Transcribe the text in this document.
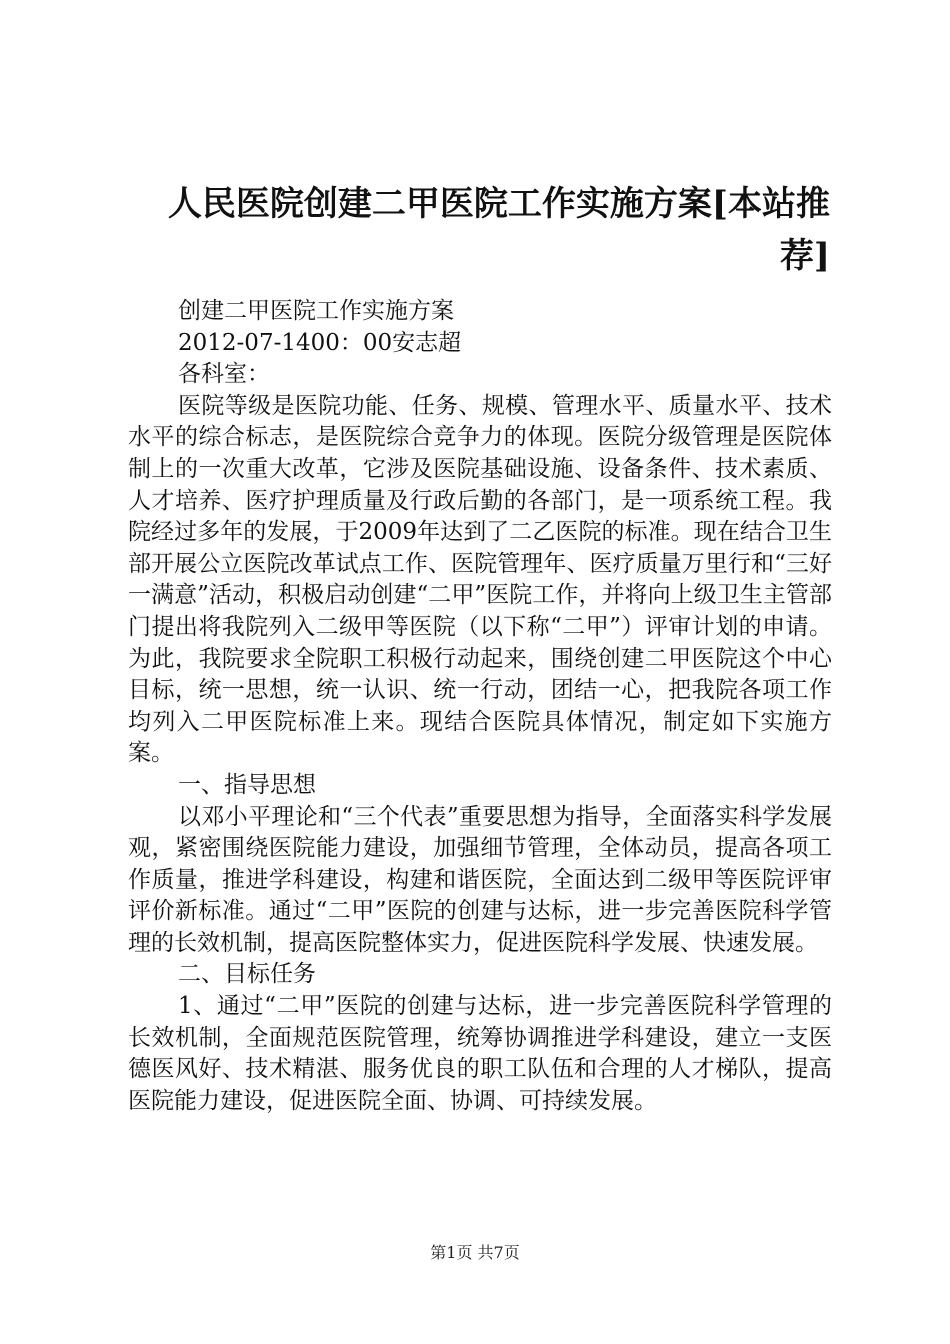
人民医院创建二甲医院工作实施方案[本站推荐]
创建二甲医院工作实施方案
2012-07-1400：00安志超
各科室：
医院等级是医院功能、任务、规模、管理水平、质量水平、技术水平的综合标志，是医院综合竞争力的体现。医院分级管理是医院体制上的一次重大改革，它涉及医院基础设施、设备条件、技术素质、人才培养、医疗护理质量及行政后勤的各部门，是一项系统工程。我院经过多年的发展，于2009年达到了二乙医院的标准。现在结合卫生部开展公立医院改革试点工作、医院管理年、医疗质量万里行和“三好一满意”活动，积极启动创建“二甲”医院工作，并将向上级卫生主管部门提出将我院列入二级甲等医院（以下称“二甲”）评审计划的申请。为此，我院要求全院职工积极行动起来，围绕创建二甲医院这个中心目标，统一思想，统一认识、统一行动，团结一心，把我院各项工作均列入二甲医院标准上来。现结合医院具体情况，制定如下实施方案。
一、指导思想
以邓小平理论和“三个代表”重要思想为指导，全面落实科学发展观，紧密围绕医院能力建设，加强细节管理，全体动员，提高各项工作质量，推进学科建设，构建和谐医院，全面达到二级甲等医院评审评价新标准。通过“二甲”医院的创建与达标，进一步完善医院科学管理的长效机制，提高医院整体实力，促进医院科学发展、快速发展。
二、目标任务
1、通过“二甲”医院的创建与达标，进一步完善医院科学管理的长效机制，全面规范医院管理，统筹协调推进学科建设，建立一支医德医风好、技术精湛、服务优良的职工队伍和合理的人才梯队，提高医院能力建设，促进医院全面、协调、可持续发展。
第1页 共7页
